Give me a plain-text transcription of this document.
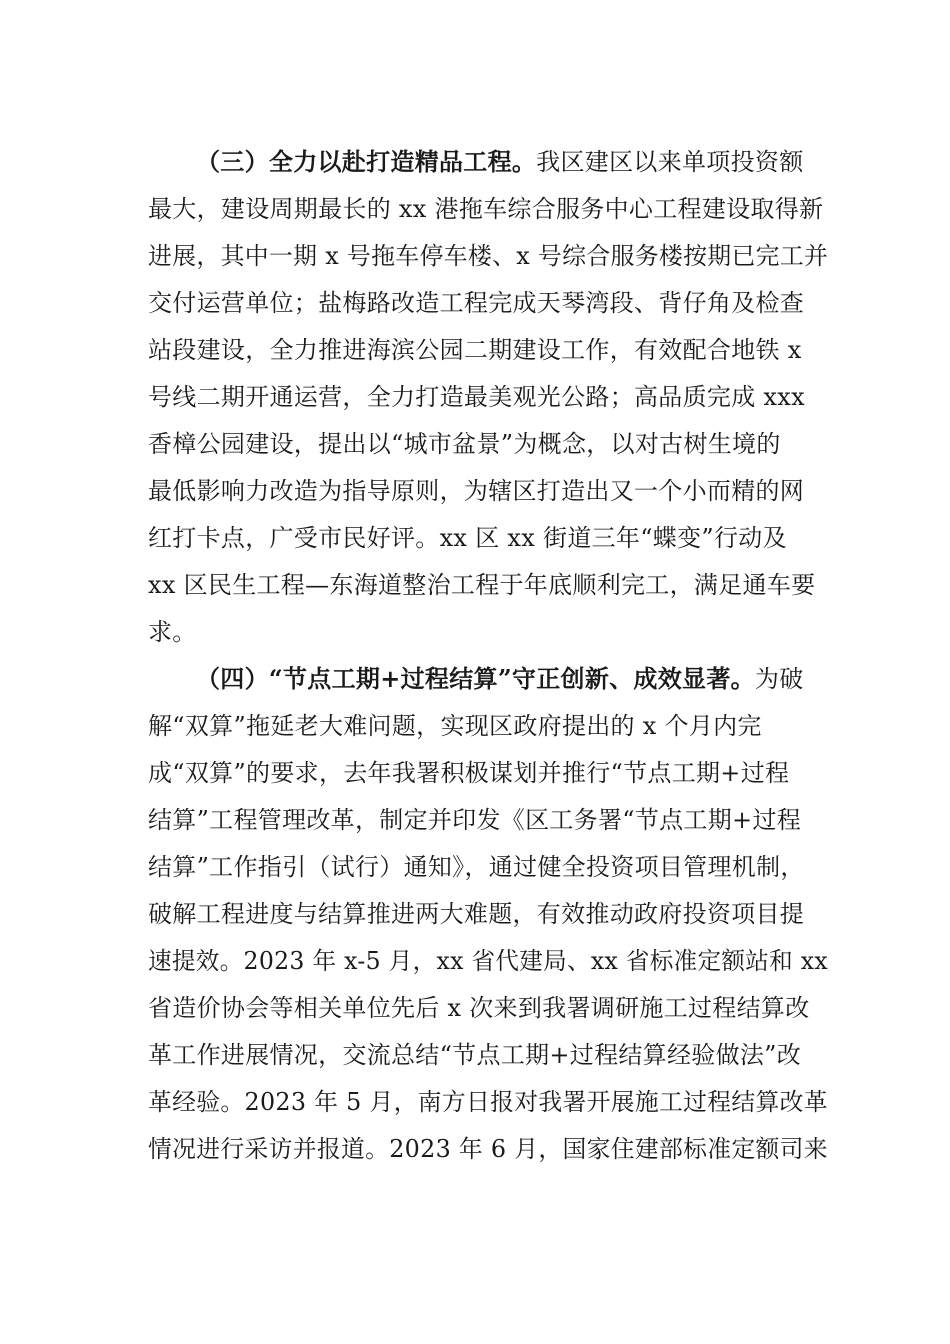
（三）全力以赴打造精品工程。我区建区以来单项投资额
最大，建设周期最长的 xx 港拖车综合服务中心工程建设取得新
进展，其中一期 x 号拖车停车楼、x 号综合服务楼按期已完工并
交付运营单位；盐梅路改造工程完成天琴湾段、背仔角及检查
站段建设，全力推进海滨公园二期建设工作，有效配合地铁 x
号线二期开通运营，全力打造最美观光公路；高品质完成 xxx
香樟公园建设，提出以“城市盆景”为概念，以对古树生境的
最低影响力改造为指导原则，为辖区打造出又一个小而精的网
红打卡点，广受市民好评。xx 区 xx 街道三年“蝶变”行动及
xx 区民生工程—东海道整治工程于年底顺利完工，满足通车要
求。
（四）“节点工期+过程结算”守正创新、成效显著。为破
解“双算”拖延老大难问题，实现区政府提出的 x 个月内完
成“双算”的要求，去年我署积极谋划并推行“节点工期+过程
结算”工程管理改革，制定并印发《区工务署“节点工期+过程
结算”工作指引（试行）通知》，通过健全投资项目管理机制，
破解工程进度与结算推进两大难题，有效推动政府投资项目提
速提效。2023 年 x-5 月，xx 省代建局、xx 省标准定额站和 xx
省造价协会等相关单位先后 x 次来到我署调研施工过程结算改
革工作进展情况，交流总结“节点工期+过程结算经验做法”改
革经验。2023 年 5 月，南方日报对我署开展施工过程结算改革
情况进行采访并报道。2023 年 6 月，国家住建部标准定额司来
